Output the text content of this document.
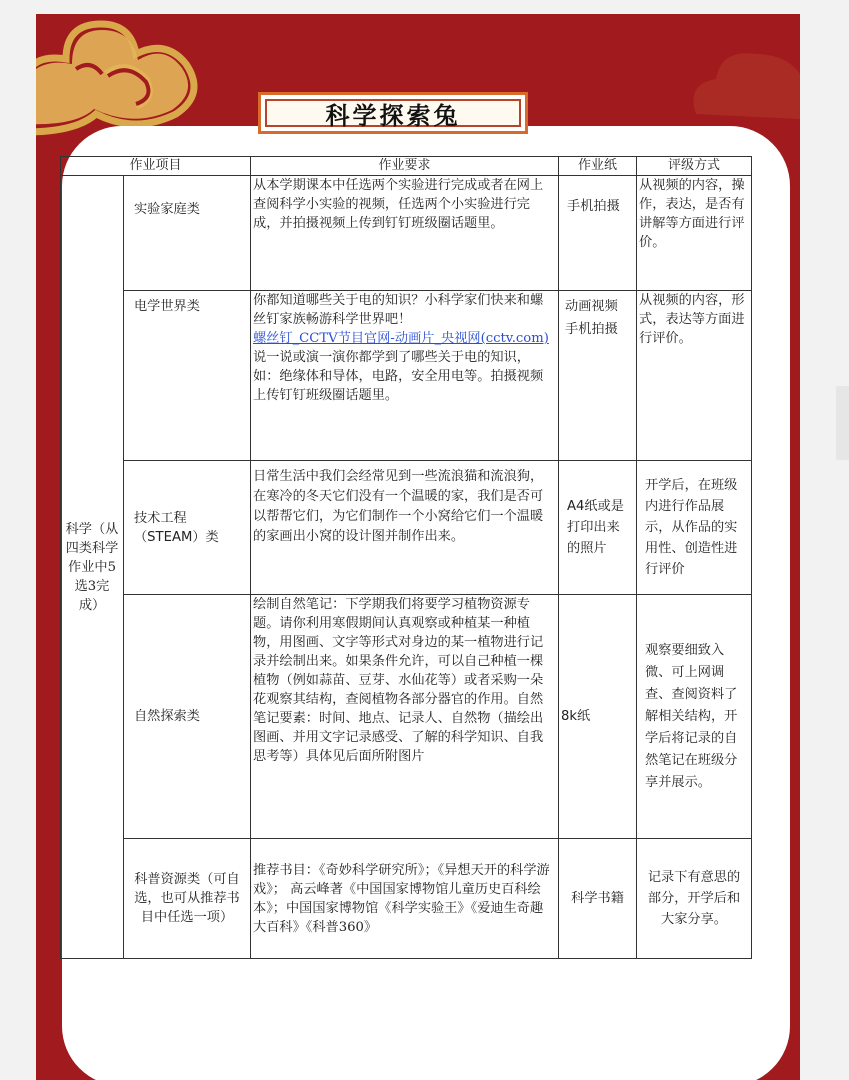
科学探索兔
作业项目		作业要求	作业纸	评级方式
科学（从四类科学作业中5选3完成）	实验家庭类	从本学期课本中任选两个实验进行完成或者在网上查阅科学小实验的视频，任选两个小实验进行完成，并拍摄视频上传到钉钉班级圈话题里。	手机拍摄	从视频的内容，操作，表达，是否有讲解等方面进行评价。
	电学世界类	你都知道哪些关于电的知识？小科学家们快来和螺丝钉家族畅游科学世界吧！
螺丝钉_CCTV节目官网-动画片_央视网(cctv.com)
说一说或演一演你都学到了哪些关于电的知识，如：绝缘体和导体，电路，安全用电等。拍摄视频上传钉钉班级圈话题里。	动画视频 手机拍摄	从视频的内容，形式，表达等方面进行评价。
	技术工程（STEAM）类	日常生活中我们会经常见到一些流浪猫和流浪狗，在寒冷的冬天它们没有一个温暖的家，我们是否可以帮帮它们，为它们制作一个小窝给它们一个温暖的家画出小窝的设计图并制作出来。	A4纸或是打印出来的照片	开学后，在班级内进行作品展示，从作品的实用性、创造性进行评价
	自然探索类	绘制自然笔记：下学期我们将要学习植物资源专题。请你利用寒假期间认真观察或种植某一种植物，用图画、文字等形式对身边的某一植物进行记录并绘制出来。如果条件允许，可以自己种植一棵植物（例如蒜苗、豆芽、水仙花等）或者采购一朵花观察其结构，查阅植物各部分器官的作用。自然笔记要素：时间、地点、记录人、自然物（描绘出图画、并用文字记录感受、了解的科学知识、自我思考等）具体见后面所附图片	8k纸	观察要细致入微、可上网调查、查阅资料了解相关结构，开学后将记录的自然笔记在班级分享并展示。
	科普资源类（可自选，也可从推荐书目中任选一项）	推荐书目：《奇妙科学研究所》；《异想天开的科学游戏》； 高云峰著《中国国家博物馆儿童历史百科绘本》；中国国家博物馆《科学实验王》《爱迪生奇趣大百科》《科普360》	科学书籍	记录下有意思的部分，开学后和大家分享。
